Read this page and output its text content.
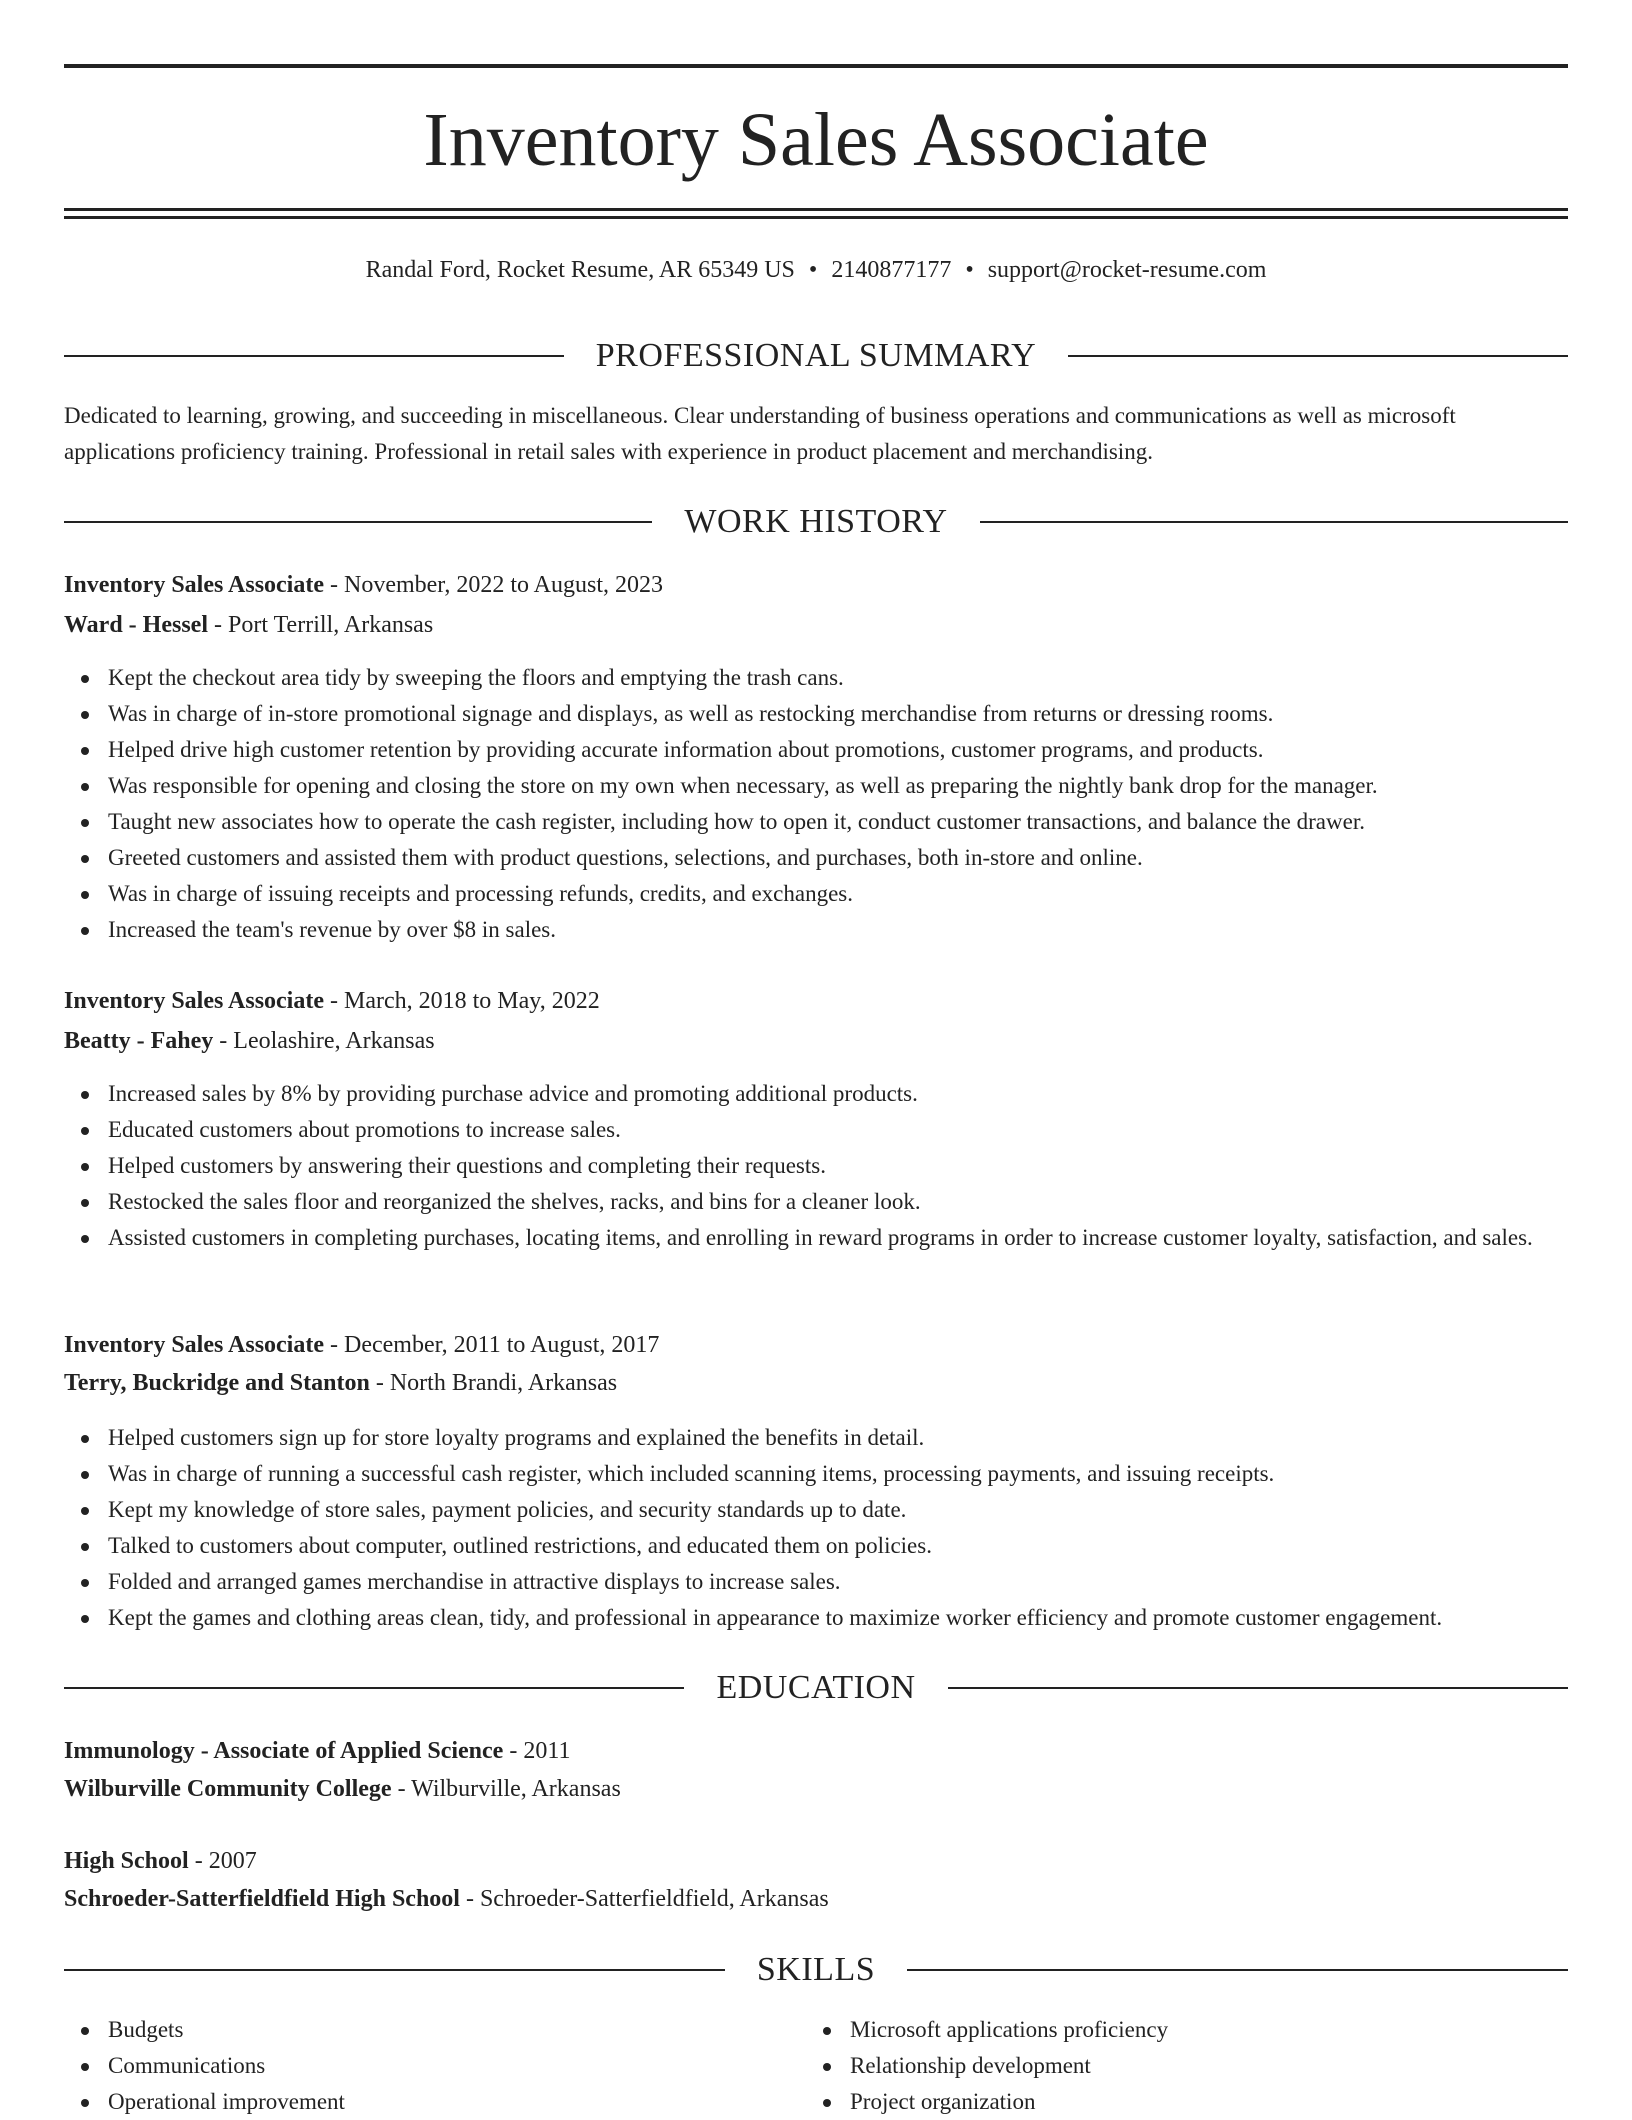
Inventory Sales Associate
Randal Ford, Rocket Resume, AR 65349 US • 2140877177 • support@rocket-resume.com
PROFESSIONAL SUMMARY
Dedicated to learning, growing, and succeeding in miscellaneous. Clear understanding of business operations and communications as well as microsoft applications proficiency training. Professional in retail sales with experience in product placement and merchandising.
WORK HISTORY
Inventory Sales Associate - November, 2022 to August, 2023
Ward - Hessel - Port Terrill, Arkansas
Kept the checkout area tidy by sweeping the floors and emptying the trash cans.
Was in charge of in-store promotional signage and displays, as well as restocking merchandise from returns or dressing rooms.
Helped drive high customer retention by providing accurate information about promotions, customer programs, and products.
Was responsible for opening and closing the store on my own when necessary, as well as preparing the nightly bank drop for the manager.
Taught new associates how to operate the cash register, including how to open it, conduct customer transactions, and balance the drawer.
Greeted customers and assisted them with product questions, selections, and purchases, both in-store and online.
Was in charge of issuing receipts and processing refunds, credits, and exchanges.
Increased the team's revenue by over $8 in sales.
Inventory Sales Associate - March, 2018 to May, 2022
Beatty - Fahey - Leolashire, Arkansas
Increased sales by 8% by providing purchase advice and promoting additional products.
Educated customers about promotions to increase sales.
Helped customers by answering their questions and completing their requests.
Restocked the sales floor and reorganized the shelves, racks, and bins for a cleaner look.
Assisted customers in completing purchases, locating items, and enrolling in reward programs in order to increase customer loyalty, satisfaction, and sales.
Inventory Sales Associate - December, 2011 to August, 2017
Terry, Buckridge and Stanton - North Brandi, Arkansas
Helped customers sign up for store loyalty programs and explained the benefits in detail.
Was in charge of running a successful cash register, which included scanning items, processing payments, and issuing receipts.
Kept my knowledge of store sales, payment policies, and security standards up to date.
Talked to customers about computer, outlined restrictions, and educated them on policies.
Folded and arranged games merchandise in attractive displays to increase sales.
Kept the games and clothing areas clean, tidy, and professional in appearance to maximize worker efficiency and promote customer engagement.
EDUCATION
Immunology - Associate of Applied Science - 2011
Wilburville Community College - Wilburville, Arkansas
High School - 2007
Schroeder-Satterfieldfield High School - Schroeder-Satterfieldfield, Arkansas
SKILLS
Budgets
Communications
Operational improvement
Microsoft applications proficiency
Relationship development
Project organization
